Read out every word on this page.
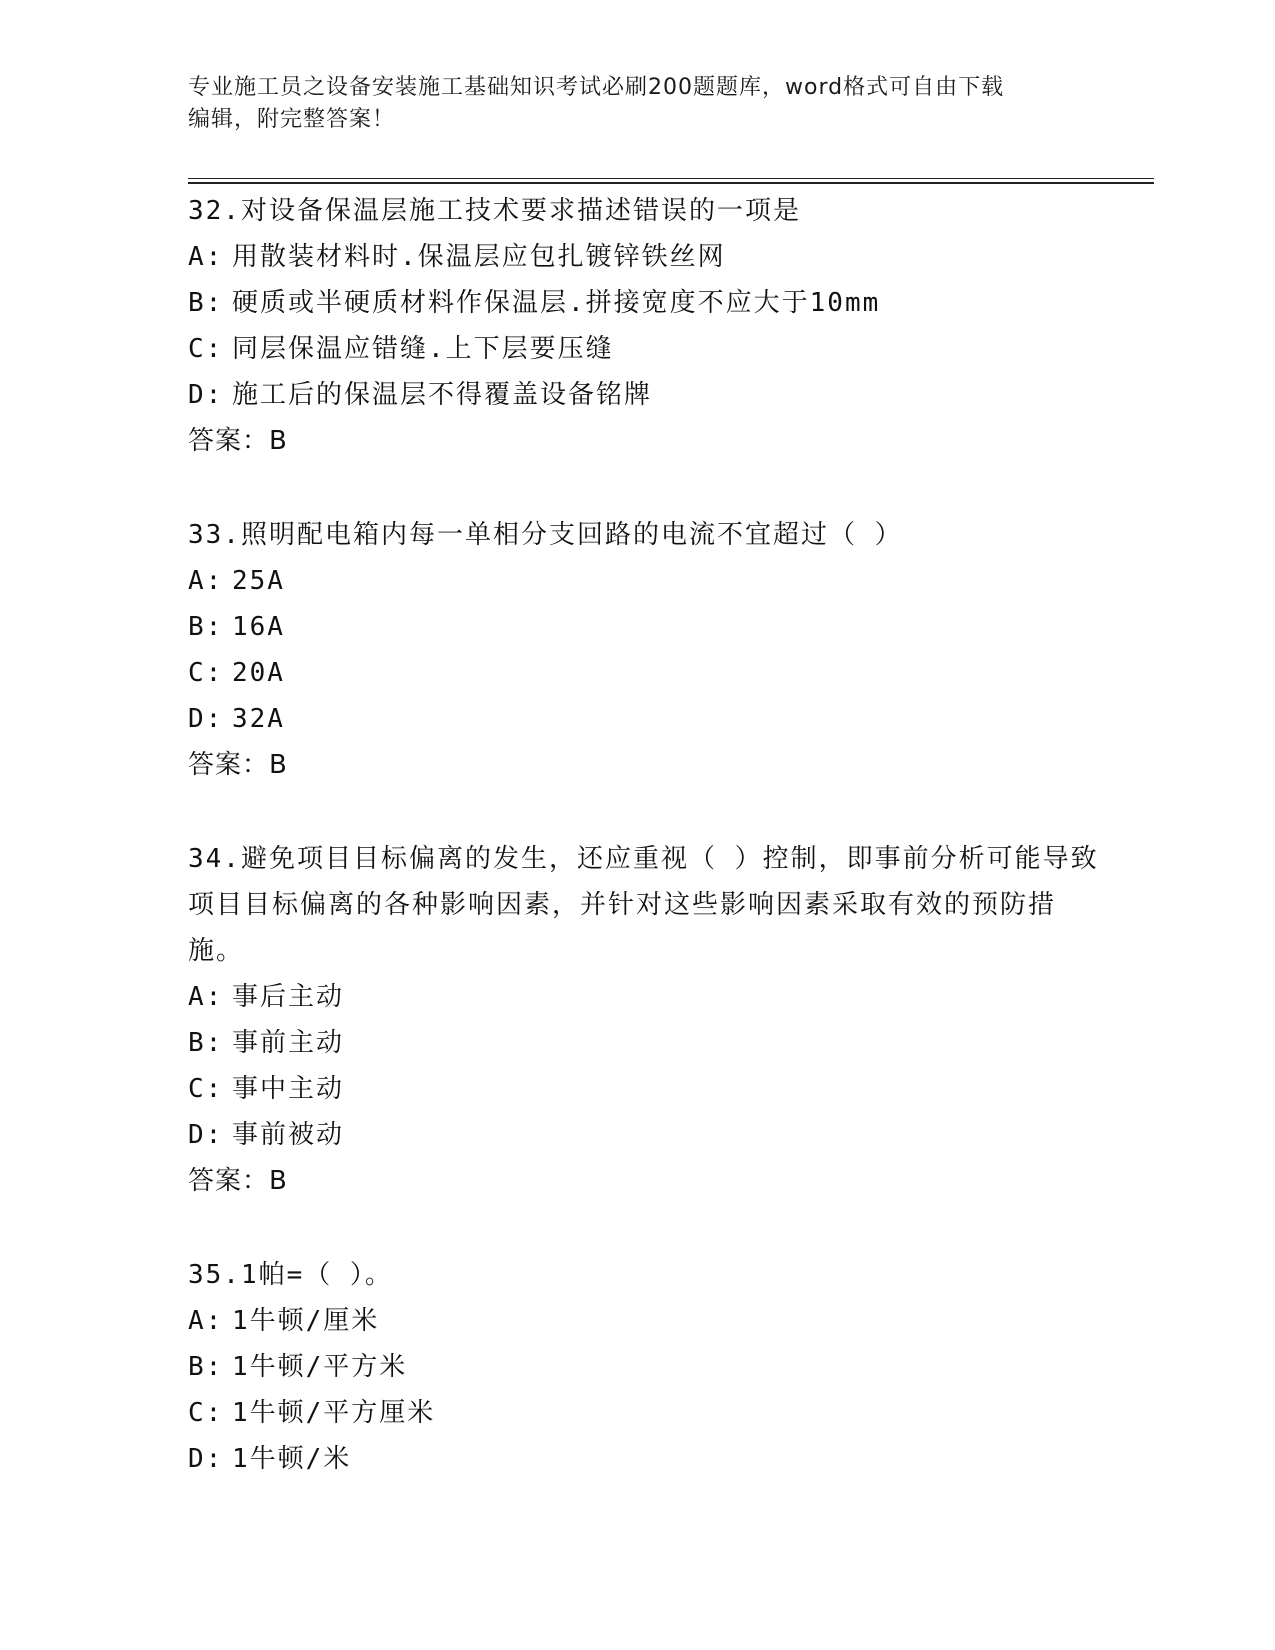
专业施工员之设备安装施工基础知识考试必刷200题题库，word格式可自由下载
编辑，附完整答案！
32.对设备保温层施工技术要求描述错误的一项是
A: 用散装材料时.保温层应包扎镀锌铁丝网
B: 硬质或半硬质材料作保温层.拼接宽度不应大于10mm
C: 同层保温应错缝.上下层要压缝
D: 施工后的保温层不得覆盖设备铭牌
答案：B
33.照明配电箱内每一单相分支回路的电流不宜超过（ ）
A: 25A
B: 16A
C: 20A
D: 32A
答案：B
34.避免项目目标偏离的发生，还应重视（ ）控制，即事前分析可能导致项目目标偏离的各种影响因素，并针对这些影响因素采取有效的预防措施。
A: 事后主动
B: 事前主动
C: 事中主动
D: 事前被动
答案：B
35.1帕=（ ）。
A: 1牛顿/厘米
B: 1牛顿/平方米
C: 1牛顿/平方厘米
D: 1牛顿/米
